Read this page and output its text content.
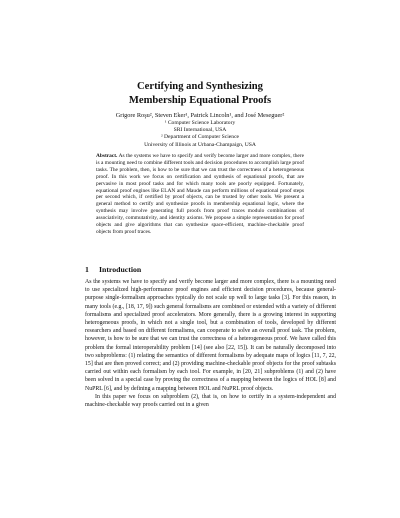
Certifying and Synthesizing
Membership Equational Proofs
Grigore Roşu², Steven Eker¹, Patrick Lincoln¹, and José Meseguer²
¹ Computer Science Laboratory
SRI International, USA
² Department of Computer Science
University of Illinois at Urbana-Champaign, USA
Abstract. As the systems we have to specify and verify become larger and more complex, there is a mounting need to combine different tools and decision procedures to accomplish large proof tasks. The problem, then, is how to be sure that we can trust the correctness of a heterogeneous proof. In this work we focus on certification and synthesis of equational proofs, that are pervasive in most proof tasks and for which many tools are poorly equipped. Fortunately, equational proof engines like ELAN and Maude can perform millions of equational proof steps per second which, if certified by proof objects, can be trusted by other tools. We present a general method to certify and synthesize proofs in membership equational logic, where the synthesis may involve generating full proofs from proof traces modulo combinations of associativity, commutativity, and identity axioms. We propose a simple representation for proof objects and give algorithms that can synthesize space-efficient, machine-checkable proof objects from proof traces.
1 Introduction

As the systems we have to specify and verify become larger and more complex, there is a mounting need to use specialized high-performance proof engines and efficient decision procedures, because general-purpose single-formalism approaches typically do not scale up well to large tasks [3]. For this reason, in many tools (e.g., [18, 17, 9]) such general formalisms are combined or extended with a variety of different formalisms and specialized proof accelerators. More generally, there is a growing interest in supporting heterogeneous proofs, in which not a single tool, but a combination of tools, developed by different researchers and based on different formalisms, can cooperate to solve an overall proof task. The problem, however, is how to be sure that we can trust the correctness of a heterogeneous proof. We have called this problem the formal interoperability problem [14] (see also [22, 15]). It can be naturally decomposed into two subproblems: (1) relating the semantics of different formalisms by adequate maps of logics [11, 7, 22, 15] that are then proved correct; and (2) providing machine-checkable proof objects for the proof subtasks carried out within each formalism by each tool. For example, in [20, 21] subproblems (1) and (2) have been solved in a special case by proving the correctness of a mapping between the logics of HOL [8] and NuPRL [6], and by defining a mapping between HOL and NuPRL proof objects.

In this paper we focus on subproblem (2), that is, on how to certify in a system-independent and machine-checkable way proofs carried out in a given
